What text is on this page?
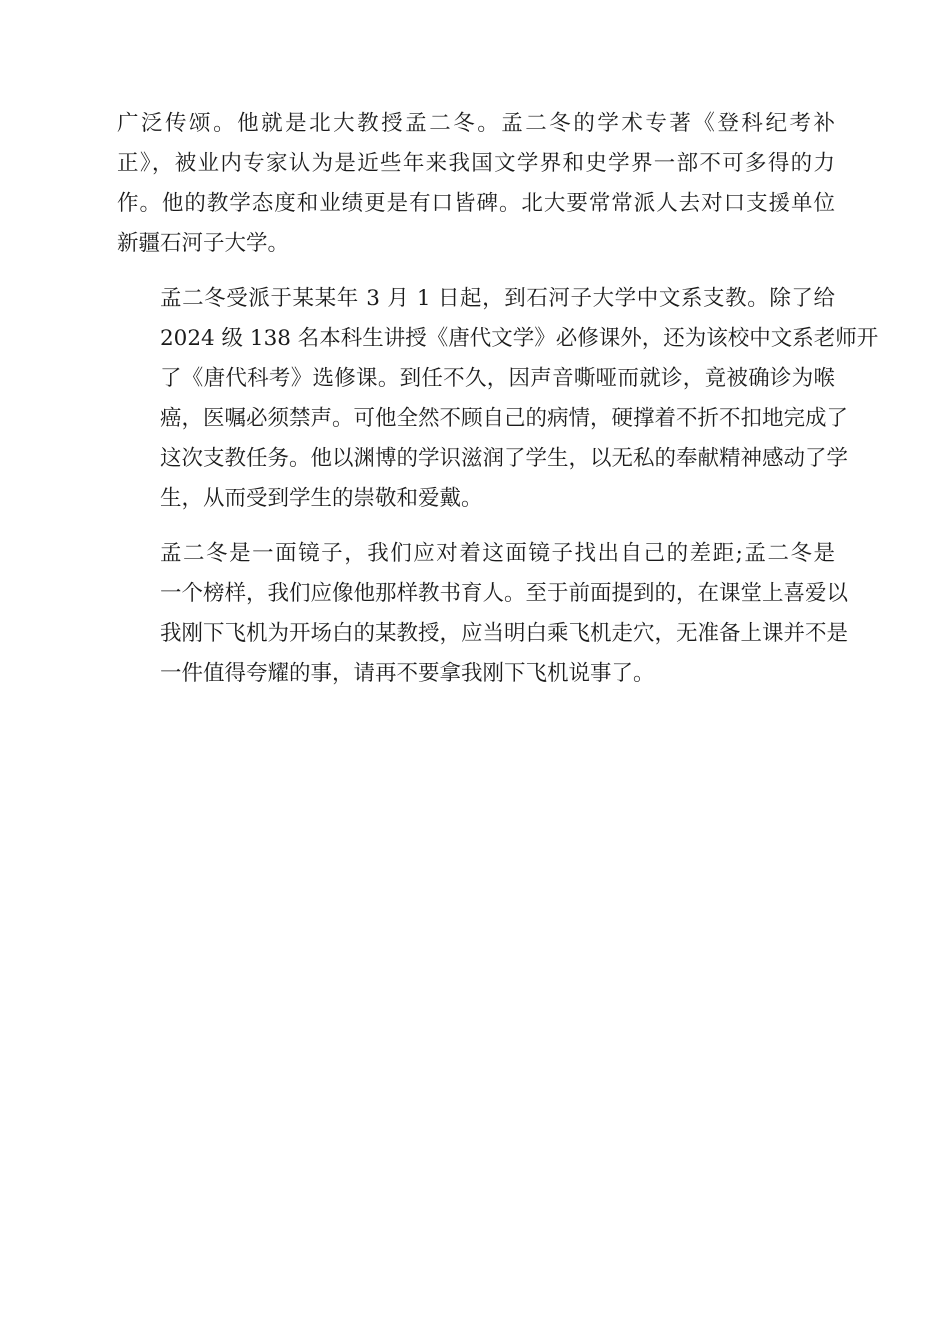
广泛传颂。他就是北大教授孟二冬。孟二冬的学术专著《登科纪考补
正》，被业内专家认为是近些年来我国文学界和史学界一部不可多得的力
作。他的教学态度和业绩更是有口皆碑。北大要常常派人去对口支援单位
新疆石河子大学。

孟二冬受派于某某年 3 月 1 日起，到石河子大学中文系支教。除了给
2024 级 138 名本科生讲授《唐代文学》必修课外，还为该校中文系老师开
了《唐代科考》选修课。到任不久，因声音嘶哑而就诊，竟被确诊为喉
癌，医嘱必须禁声。可他全然不顾自己的病情，硬撑着不折不扣地完成了
这次支教任务。他以渊博的学识滋润了学生，以无私的奉献精神感动了学
生，从而受到学生的崇敬和爱戴。

孟二冬是一面镜子，我们应对着这面镜子找出自己的差距;孟二冬是
一个榜样，我们应像他那样教书育人。至于前面提到的，在课堂上喜爱以
我刚下飞机为开场白的某教授，应当明白乘飞机走穴，无准备上课并不是
一件值得夸耀的事，请再不要拿我刚下飞机说事了。
